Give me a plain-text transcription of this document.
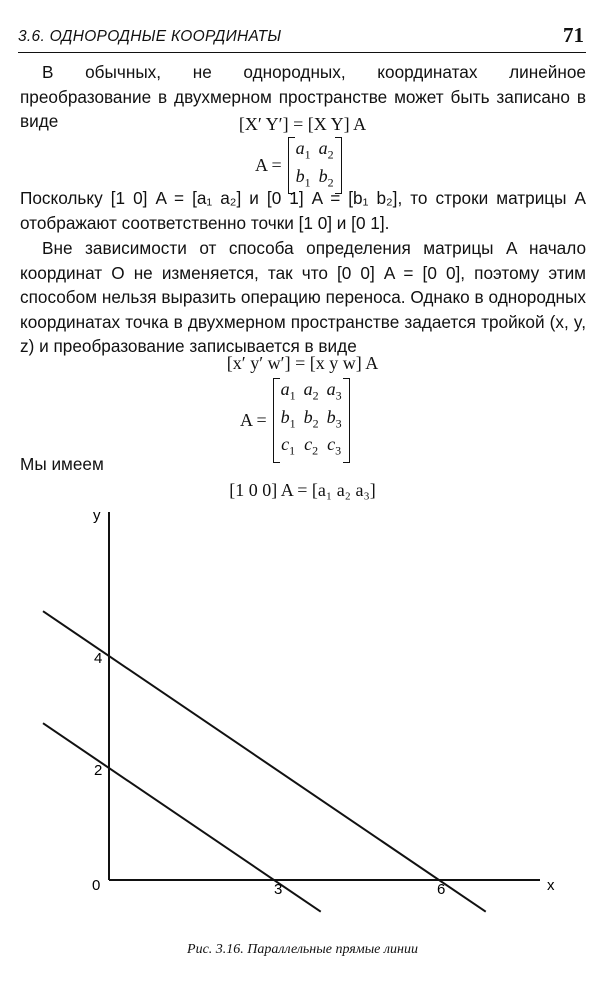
3.6. ОДНОРОДНЫЕ КООРДИНАТЫ	71
В обычных, не однородных, координатах линейное преобразование в двухмерном пространстве может быть записано в виде	[X′ Y′] = [X Y] A
A =
$a_1$ $a_2$
$b_1$ $b_2$
Поскольку [1 0] A = [a₁ a₂] и [0 1] A = [b₁ b₂], то строки матрицы A отображают соответственно точки [1 0] и [0 1].
Вне зависимости от способа определения матрицы A начало координат О не изменяется, так что [0 0] A = [0 0], поэтому этим способом нельзя выразить операцию переноса. Однако в однородных координатах точка в двухмерном пространстве задается тройкой (x, y, z) и преобразование записывается в виде
[x′ y′ w′] = [x y w] A
A =
$a_1$ $a_2$ $a_3$
$b_1$ $b_2$ $b_3$
$c_1$ $c_2$ $c_3$
Мы имеем
[1 0 0] A = [a₁ a₂ a₃]
y
x
0
2
4
3	6
Рис. 3.16. Параллельные прямые линии
